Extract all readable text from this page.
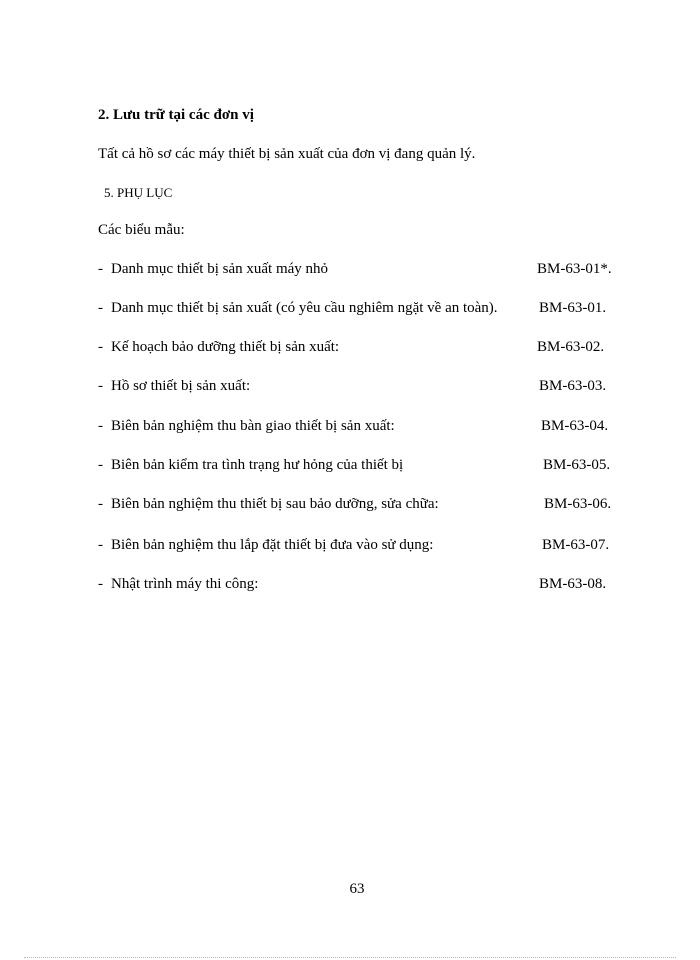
2. Lưu trữ tại các đơn vị
Tất cả hồ sơ các máy thiết bị sản xuất của đơn vị đang quản lý.
5. PHỤ LỤC
Các biểu mẫu:
- Danh mục thiết bị sản xuất máy nhỏ	BM-63-01*.
- Danh mục thiết bị sản xuất (có yêu cầu nghiêm ngặt về an toàn).	BM-63-01.
- Kế hoạch bảo dưỡng thiết bị sản xuất:	BM-63-02.
- Hồ sơ thiết bị sản xuất:	BM-63-03.
- Biên bản nghiệm thu bàn giao thiết bị sản xuất:	BM-63-04.
- Biên bản kiểm tra tình trạng hư hỏng của thiết bị	BM-63-05.
- Biên bản nghiệm thu thiết bị sau bảo dưỡng, sửa chữa:	BM-63-06.
- Biên bản nghiệm thu lắp đặt thiết bị đưa vào sử dụng:	BM-63-07.
- Nhật trình máy thi công:	BM-63-08.
63
